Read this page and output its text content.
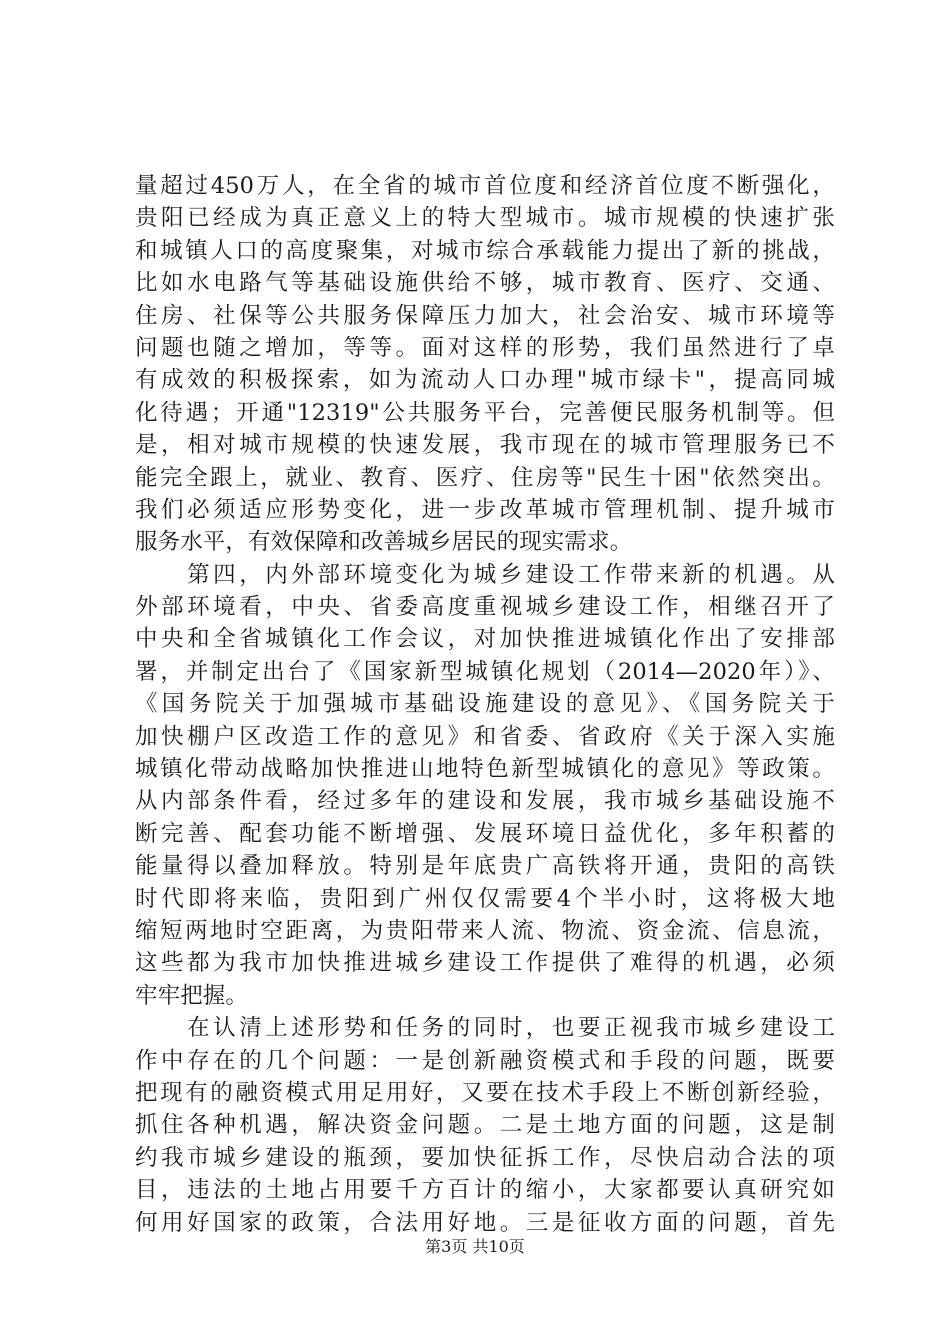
量超过450万人，在全省的城市首位度和经济首位度不断强化，
贵阳已经成为真正意义上的特大型城市。城市规模的快速扩张
和城镇人口的高度聚集，对城市综合承载能力提出了新的挑战，
比如水电路气等基础设施供给不够，城市教育、医疗、交通、
住房、社保等公共服务保障压力加大，社会治安、城市环境等
问题也随之增加，等等。面对这样的形势，我们虽然进行了卓
有成效的积极探索，如为流动人口办理"城市绿卡"，提高同城
化待遇；开通"12319"公共服务平台，完善便民服务机制等。但
是，相对城市规模的快速发展，我市现在的城市管理服务已不
能完全跟上，就业、教育、医疗、住房等"民生十困"依然突出。
我们必须适应形势变化，进一步改革城市管理机制、提升城市
服务水平，有效保障和改善城乡居民的现实需求。
　　第四，内外部环境变化为城乡建设工作带来新的机遇。从
外部环境看，中央、省委高度重视城乡建设工作，相继召开了
中央和全省城镇化工作会议，对加快推进城镇化作出了安排部
署，并制定出台了《国家新型城镇化规划（2014—2020年）》、
《国务院关于加强城市基础设施建设的意见》、《国务院关于
加快棚户区改造工作的意见》和省委、省政府《关于深入实施
城镇化带动战略加快推进山地特色新型城镇化的意见》等政策。
从内部条件看，经过多年的建设和发展，我市城乡基础设施不
断完善、配套功能不断增强、发展环境日益优化，多年积蓄的
能量得以叠加释放。特别是年底贵广高铁将开通，贵阳的高铁
时代即将来临，贵阳到广州仅仅需要4个半小时，这将极大地
缩短两地时空距离，为贵阳带来人流、物流、资金流、信息流，
这些都为我市加快推进城乡建设工作提供了难得的机遇，必须
牢牢把握。
　　在认清上述形势和任务的同时，也要正视我市城乡建设工
作中存在的几个问题：一是创新融资模式和手段的问题，既要
把现有的融资模式用足用好，又要在技术手段上不断创新经验，
抓住各种机遇，解决资金问题。二是土地方面的问题，这是制
约我市城乡建设的瓶颈，要加快征拆工作，尽快启动合法的项
目，违法的土地占用要千方百计的缩小，大家都要认真研究如
何用好国家的政策，合法用好地。三是征收方面的问题，首先
第3页 共10页
